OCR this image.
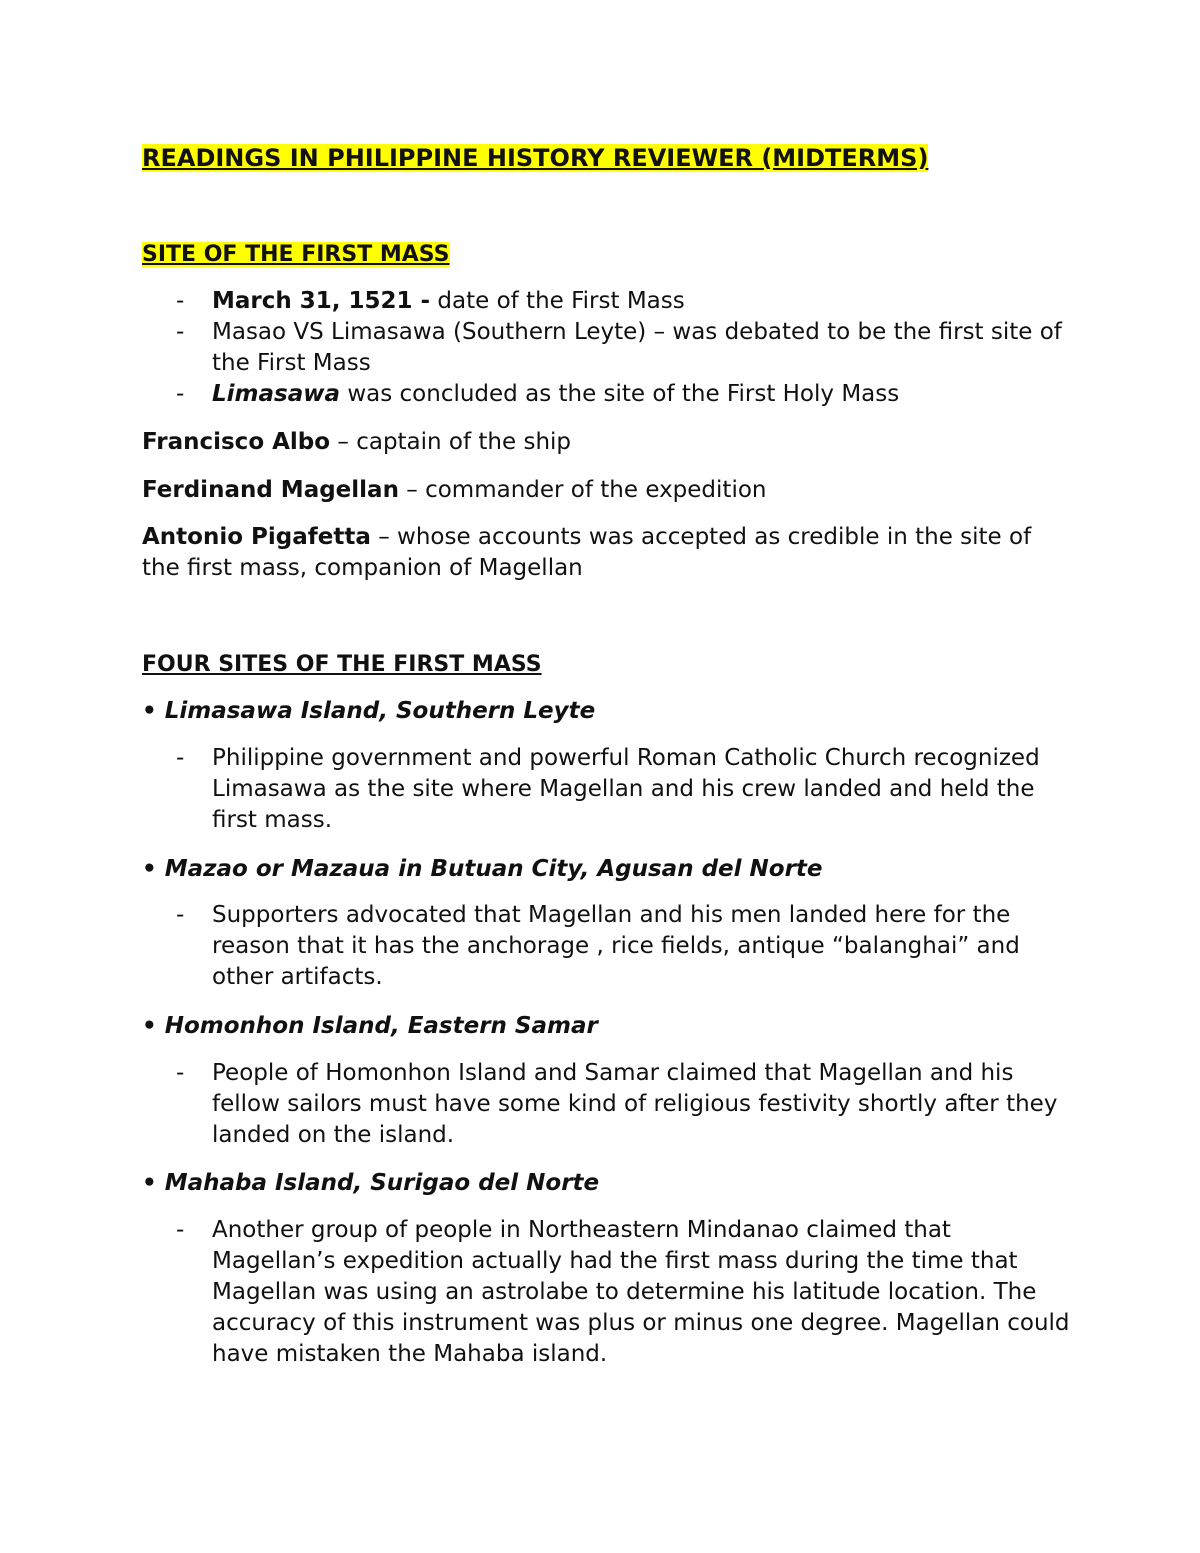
READINGS IN PHILIPPINE HISTORY REVIEWER (MIDTERMS)
SITE OF THE FIRST MASS
- March 31, 1521 - date of the First Mass
- Masao VS Limasawa (Southern Leyte) – was debated to be the first site of the First Mass
- Limasawa was concluded as the site of the First Holy Mass
Francisco Albo – captain of the ship
Ferdinand Magellan – commander of the expedition
Antonio Pigafetta – whose accounts was accepted as credible in the site of the first mass, companion of Magellan
FOUR SITES OF THE FIRST MASS
• Limasawa Island, Southern Leyte
- Philippine government and powerful Roman Catholic Church recognized Limasawa as the site where Magellan and his crew landed and held the first mass.
• Mazao or Mazaua in Butuan City, Agusan del Norte
- Supporters advocated that Magellan and his men landed here for the reason that it has the anchorage , rice fields, antique “balanghai” and other artifacts.
• Homonhon Island, Eastern Samar
- People of Homonhon Island and Samar claimed that Magellan and his fellow sailors must have some kind of religious festivity shortly after they landed on the island.
• Mahaba Island, Surigao del Norte
- Another group of people in Northeastern Mindanao claimed that Magellan’s expedition actually had the first mass during the time that Magellan was using an astrolabe to determine his latitude location. The accuracy of this instrument was plus or minus one degree. Magellan could have mistaken the Mahaba island.
